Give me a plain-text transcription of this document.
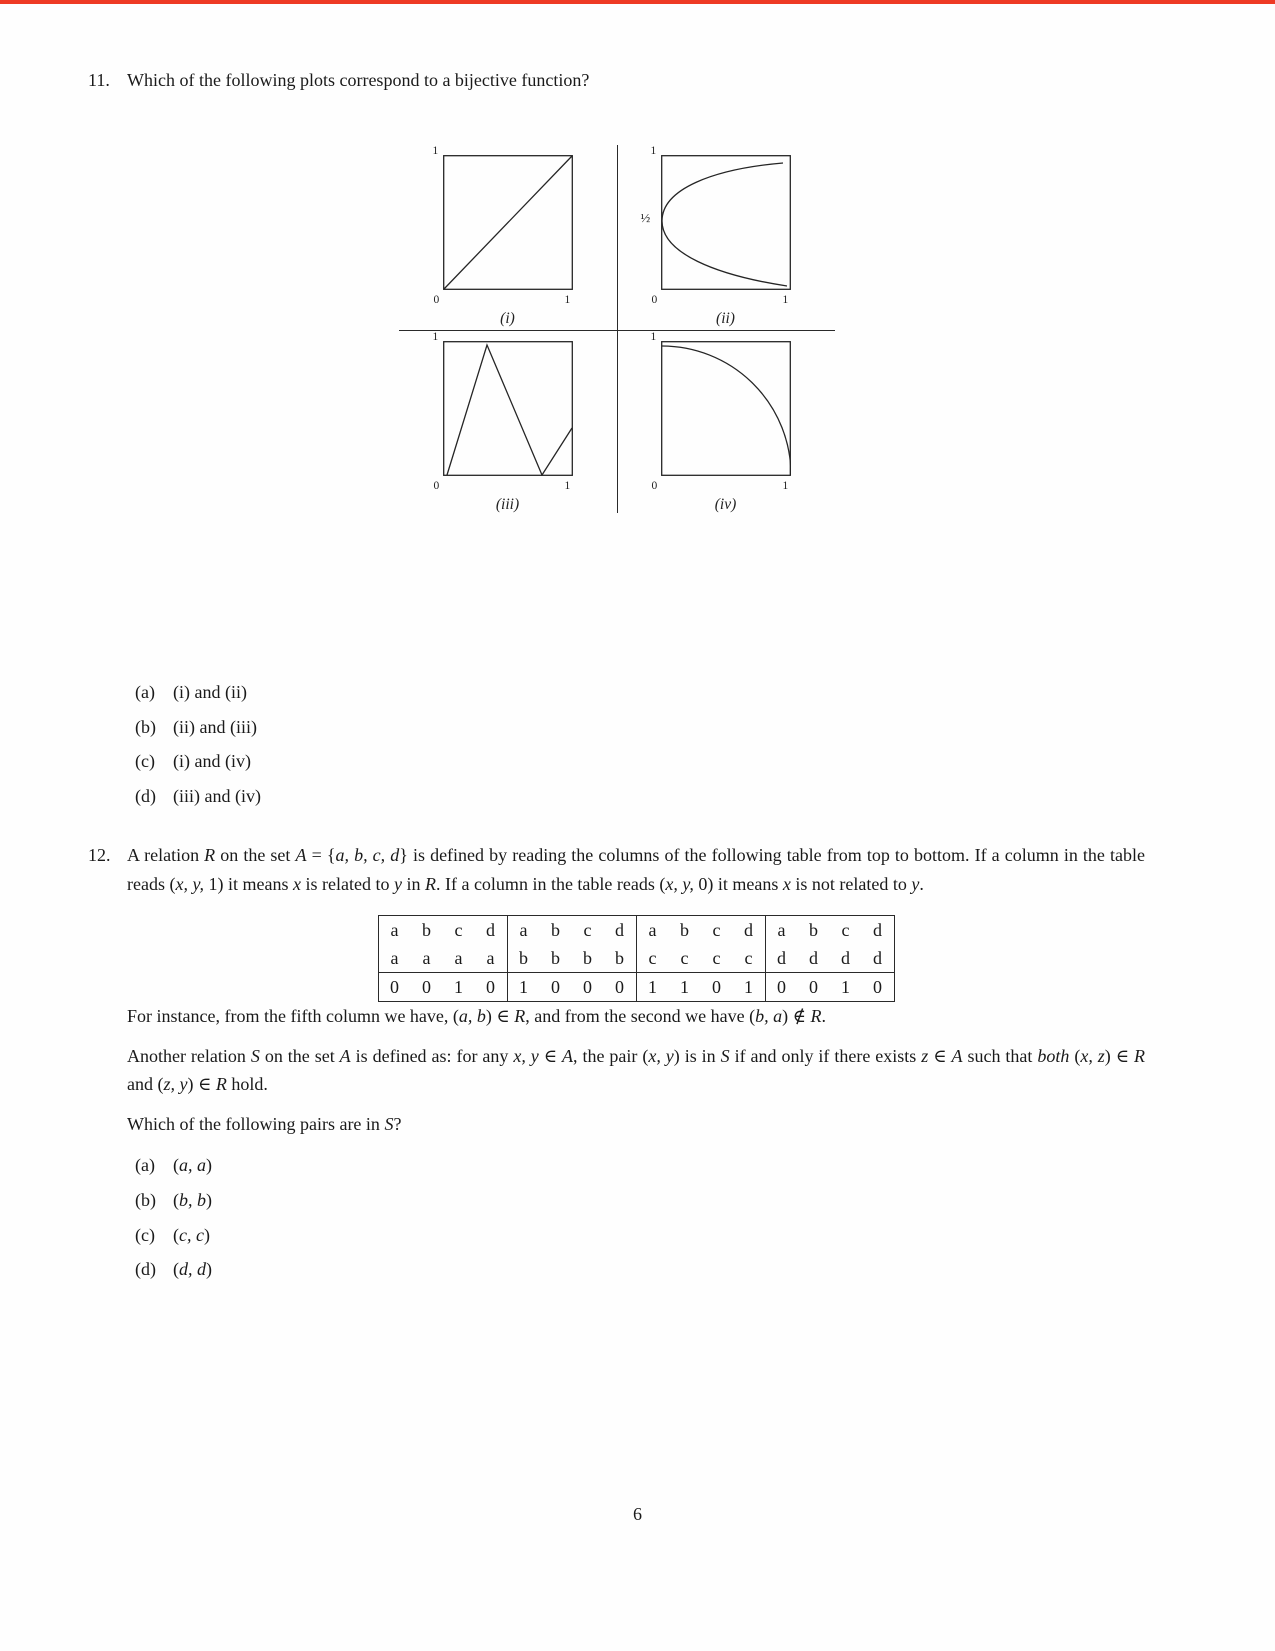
11. Which of the following plots correspond to a bijective function?

1
0	1
(i)
1
½
0	1
(ii)
1
0	1
(iii)
1
0	1
(iv)
(a)	(i) and (ii)
(b) (ii) and (iii)
(c)	(i) and (iv)
(d) (iii) and (iv)
12. A relation R on the set A = {a, b, c, d} is defined by reading the columns of the following table from top to bottom. If a column in the table reads (x, y, 1) it means x is related to y in R. If a column in the table reads (x, y, 0) it means x is not related to y.

a	b	c	d	a	b	c	d	a	b	c	d	a	b	c	d
a	a	a	a	b	b	b	b	c	c	c	c	d	d	d	d
0	0	1	0	1	0	0	0	1	1	0	1	0	0	1	0

For instance, from the fifth column we have, (a, b) ∈ R, and from the second we have (b, a) ∉ R.

Another relation S on the set A is defined as: for any x, y ∈ A, the pair (x, y) is in S if and only if there exists z ∈ A such that both (x, z) ∈ R and (z, y) ∈ R hold.

Which of the following pairs are in S?

(a)	(a, a)
(b) (b, b)
(c)	(c, c)
(d) (d, d)
6
